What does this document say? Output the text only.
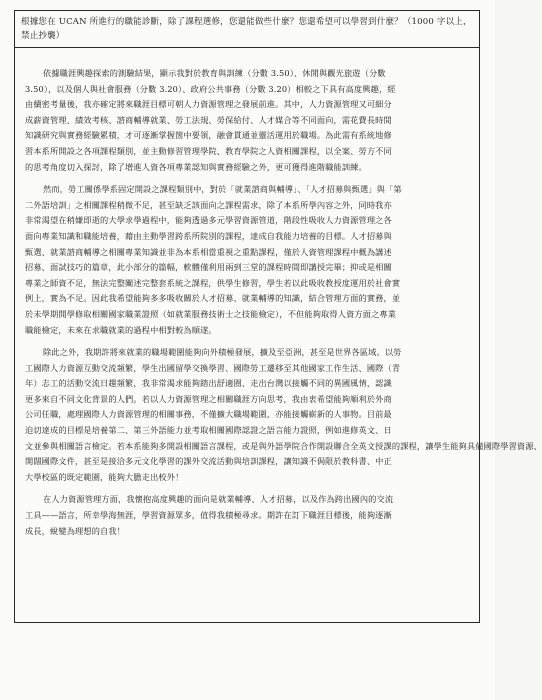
根據您在 UCAN 所進行的職能診斷，除了課程選修，您還能做些什麼？您還希望可以學習到什麼？（1000 字以上，
禁止抄襲）
依據職涯興趣探索的測驗結果，顯示我對於教育與訓練（分數 3.50）、休閒與觀光旅遊（分數
3.50），以及個人與社會服務（分數 3.20）、政府公共事務（分數 3.20）相較之下具有高度興趣，經
由續密考量後，我亦確定將來職涯目標可朝人力資源管理之發展前進。其中，人力資源管理又可細分
成薪資管理、績效考核、諮商輔導就業、勞工法規、勞保給付、人才媒合等不同面向，需花費長時間
知識研究與實務經驗累積，才可逐漸掌握箇中要領，融會貫通並靈活運用於職場。為此需有系統地修
習本系所開設之各項課程類別，並主動修習管理學院、教育學院之人資相關課程，以全案、勞方不同
的思考角度切入探討，除了增進人資各項專業認知與實務經驗之外，更可獲得進階職能訓練。
然而，勞工關係學系固定開設之課程類別中，對於「就業諮商與輔導」、「人才招募與甄選」與「第
二外語培訓」之相關課程稍微不足，甚至缺乏該面向之課程需求，除了本系所學內容之外，同時我亦
非常渴望在稍嫌即逝的大學求學過程中，能夠透過多元學習資源管道，階段性吸收人力資源管理之各
面向專業知識和職能培養，藉由主動學習跨系所院別的課程，達成自我能力培養的目標。人才招募與
甄選、就業諮商輔導之相關專業知識並非為本系相當重視之重點課程，僅於人資管理課程中概為講述
招募、面試技巧的篇章，此小部分的篇幅，軟體僅利用兩到三堂的課程時間即講授完畢；抑或是相關
專業之師資不足，無法完整闡述完整套系統之課程，供學生修習，學生若以此吸收教授度運用於社會實
例上，實為不足。因此我希望能夠多多吸收關於人才招募、就業輔導的知識，結合管理方面的實務，並
於未學期開學修取相關國家職業證照（如就業服務技術士之技能檢定），不但能夠取得人資方面之專業
職能檢定，未來在求職就業的過程中相對較為順遂。
除此之外，我期許將來就業的職場範圍能夠向外積極發展，擴及至亞洲，甚至是世界各區域。以勞
工國際人力資源互動交流頻繁，學生出國留學交換學習、國際勞工遷移至其他國家工作生活、國際（青
年）志工的活動交流日趨頻繁，我非常渴求能夠踏出舒適圈、走出台灣以接觸不同的異國風情，認識
更多來自不同文化背景的人們。若以人力資源管理之相關職涯方向思考，我由衷希望能夠順利於外商
公司任職，處理國際人力資源管理的相關事務，不僅擴大職場範圍，亦能接觸嶄新的人事物。目前最
迫切達成的目標是培養第二、第三外語能力並考取相關國際認證之語言能力證照，例如進修英文、日
文並參與相關語言檢定。若本系能夠多開設相關語言課程，或是與外語學院合作開設聯合全英文授課的課程，讓學生能夠具備國際學習資源、
開闊國際文件，甚至是接洽多元文化學習的課外交流活動與培訓課程，讓知識不侷限於教科書、中正
大學校區的既定範圍，能夠大膽走出校外！
在人力資源管理方面，我懷抱高度興趣的面向是就業輔導、人才招募，以及作為跨出國內的交流
工具——語言，所幸學海無涯，學習資源眾多，值得我積極尋求。期許在訂下職涯目標後，能夠逐漸
成長，蛻變為理想的自我！
